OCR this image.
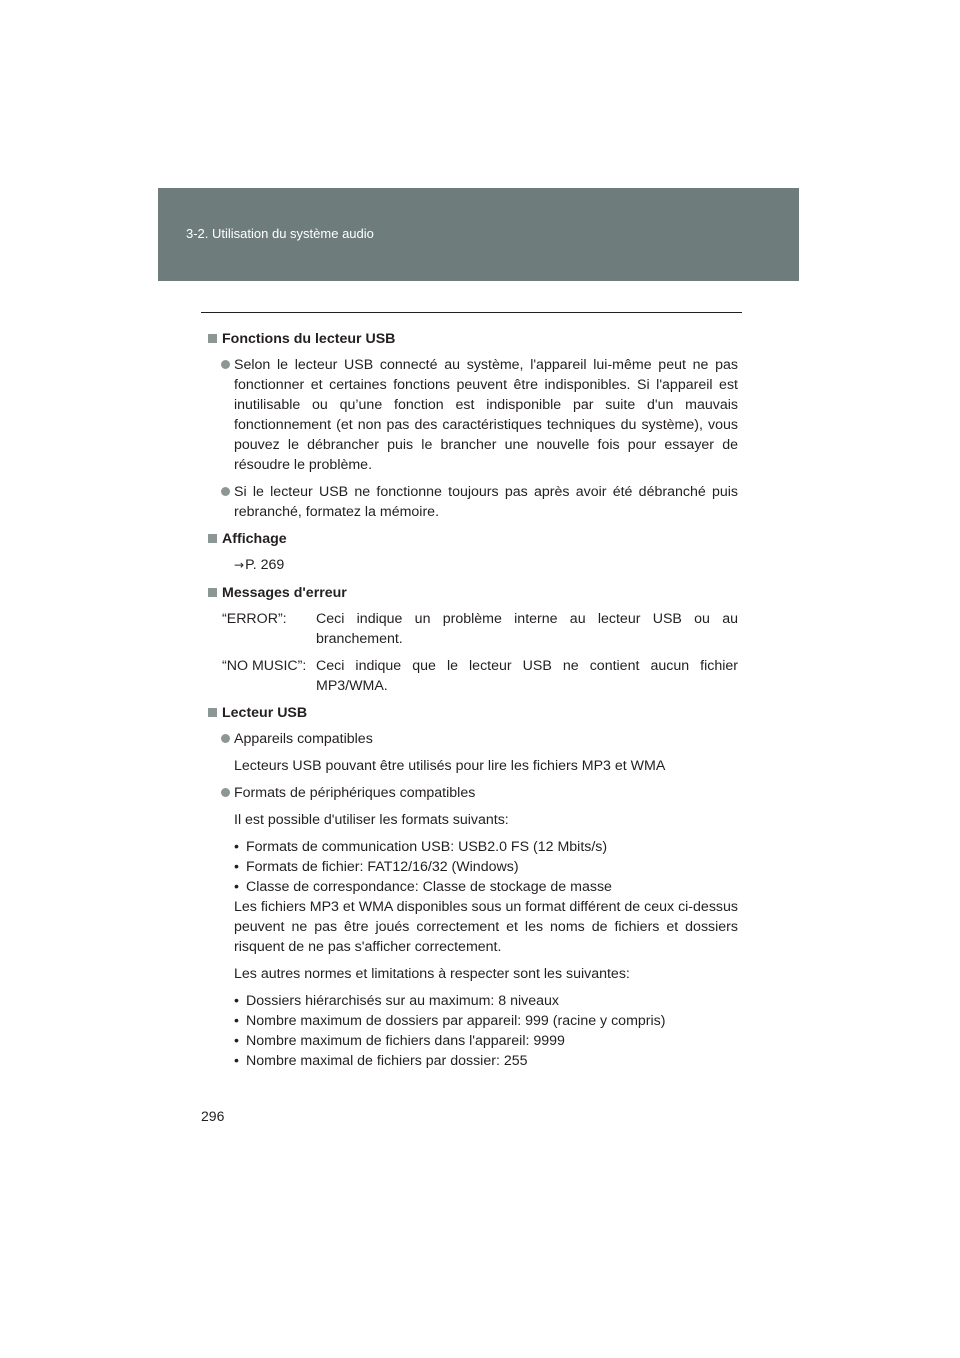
3-2. Utilisation du système audio
Fonctions du lecteur USB
Selon le lecteur USB connecté au système, l'appareil lui-même peut ne pas fonctionner et certaines fonctions peuvent être indisponibles. Si l'appareil est inutilisable ou qu’une fonction est indisponible par suite d'un mauvais fonctionnement (et non pas des caractéristiques techniques du système), vous pouvez le débrancher puis le brancher une nouvelle fois pour essayer de résoudre le problème.
Si le lecteur USB ne fonctionne toujours pas après avoir été débranché puis rebranché, formatez la mémoire.
Affichage
→P. 269
Messages d'erreur
“ERROR”:	Ceci indique un problème interne au lecteur USB ou au branchement.
“NO MUSIC”: Ceci indique que le lecteur USB ne contient aucun fichier MP3/WMA.
Lecteur USB
Appareils compatibles
Lecteurs USB pouvant être utilisés pour lire les fichiers MP3 et WMA
Formats de périphériques compatibles
Il est possible d'utiliser les formats suivants:
• Formats de communication USB: USB2.0 FS (12 Mbits/s)
• Formats de fichier: FAT12/16/32 (Windows)
• Classe de correspondance: Classe de stockage de masse
Les fichiers MP3 et WMA disponibles sous un format différent de ceux ci-dessus peuvent ne pas être joués correctement et les noms de fichiers et dossiers risquent de ne pas s'afficher correctement.
Les autres normes et limitations à respecter sont les suivantes:
• Dossiers hiérarchisés sur au maximum: 8 niveaux
• Nombre maximum de dossiers par appareil: 999 (racine y compris)
• Nombre maximum de fichiers dans l'appareil: 9999
• Nombre maximal de fichiers par dossier: 255
296
